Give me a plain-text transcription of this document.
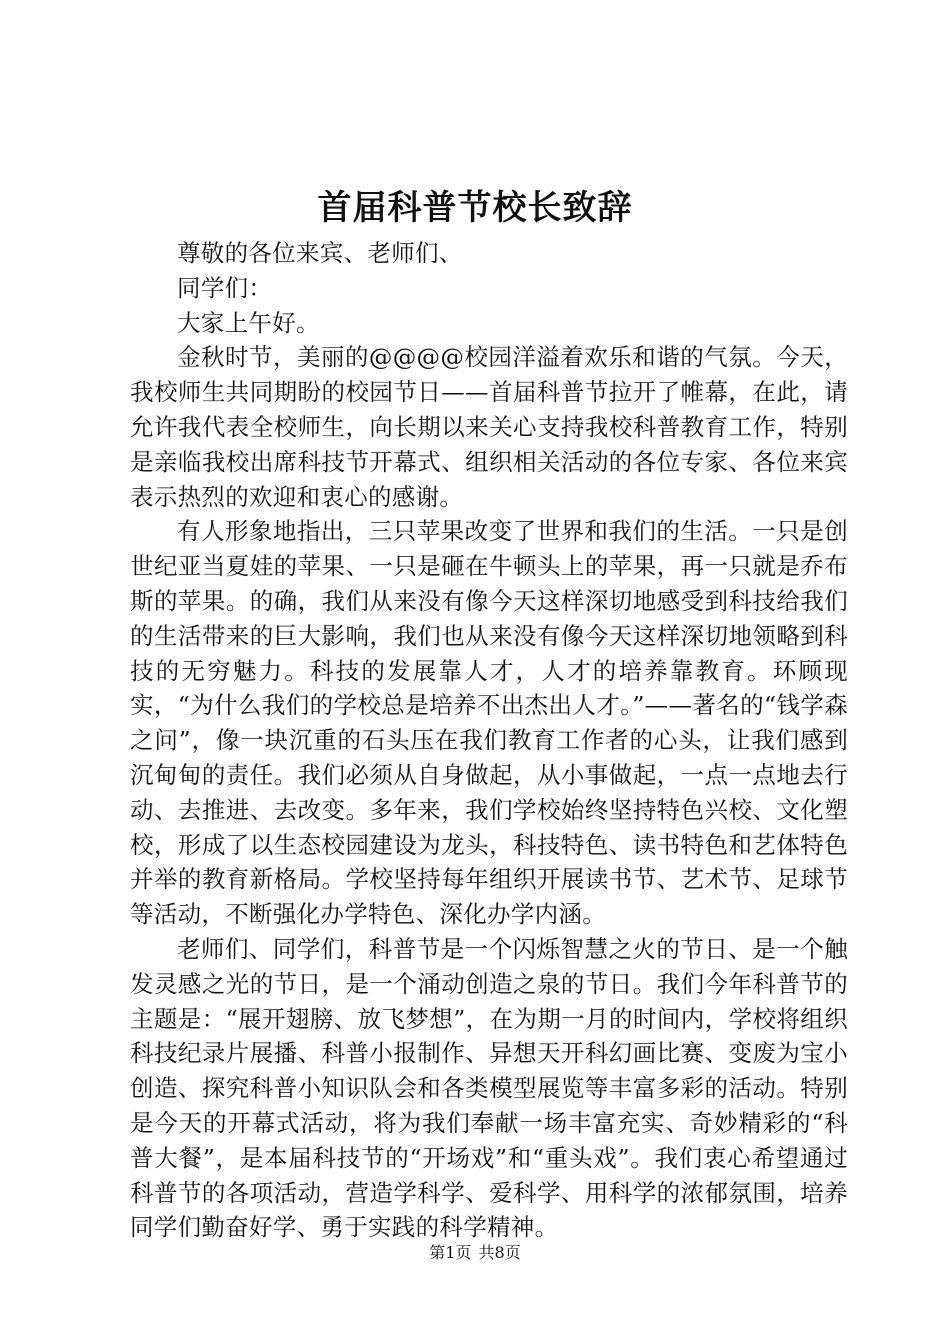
首届科普节校长致辞

尊敬的各位来宾、老师们、

同学们：

大家上午好。

金秋时节，美丽的@@@@校园洋溢着欢乐和谐的气氛。今天，我校师生共同期盼的校园节日——首届科普节拉开了帷幕，在此，请允许我代表全校师生，向长期以来关心支持我校科普教育工作，特别是亲临我校出席科技节开幕式、组织相关活动的各位专家、各位来宾表示热烈的欢迎和衷心的感谢。

有人形象地指出，三只苹果改变了世界和我们的生活。一只是创世纪亚当夏娃的苹果、一只是砸在牛顿头上的苹果，再一只就是乔布斯的苹果。的确，我们从来没有像今天这样深切地感受到科技给我们的生活带来的巨大影响，我们也从来没有像今天这样深切地领略到科技的无穷魅力。科技的发展靠人才，人才的培养靠教育。环顾现实，“为什么我们的学校总是培养不出杰出人才。”——著名的“钱学森之问”，像一块沉重的石头压在我们教育工作者的心头，让我们感到沉甸甸的责任。我们必须从自身做起，从小事做起，一点一点地去行动、去推进、去改变。多年来，我们学校始终坚持特色兴校、文化塑校，形成了以生态校园建设为龙头，科技特色、读书特色和艺体特色并举的教育新格局。学校坚持每年组织开展读书节、艺术节、足球节等活动，不断强化办学特色、深化办学内涵。

老师们、同学们，科普节是一个闪烁智慧之火的节日、是一个触发灵感之光的节日，是一个涌动创造之泉的节日。我们今年科普节的主题是：“展开翅膀、放飞梦想”，在为期一月的时间内，学校将组织科技纪录片展播、科普小报制作、异想天开科幻画比赛、变废为宝小创造、探究科普小知识队会和各类模型展览等丰富多彩的活动。特别是今天的开幕式活动，将为我们奉献一场丰富充实、奇妙精彩的“科普大餐”，是本届科技节的“开场戏”和“重头戏”。我们衷心希望通过科普节的各项活动，营造学科学、爱科学、用科学的浓郁氛围，培养同学们勤奋好学、勇于实践的科学精神。

第1页 共8页
